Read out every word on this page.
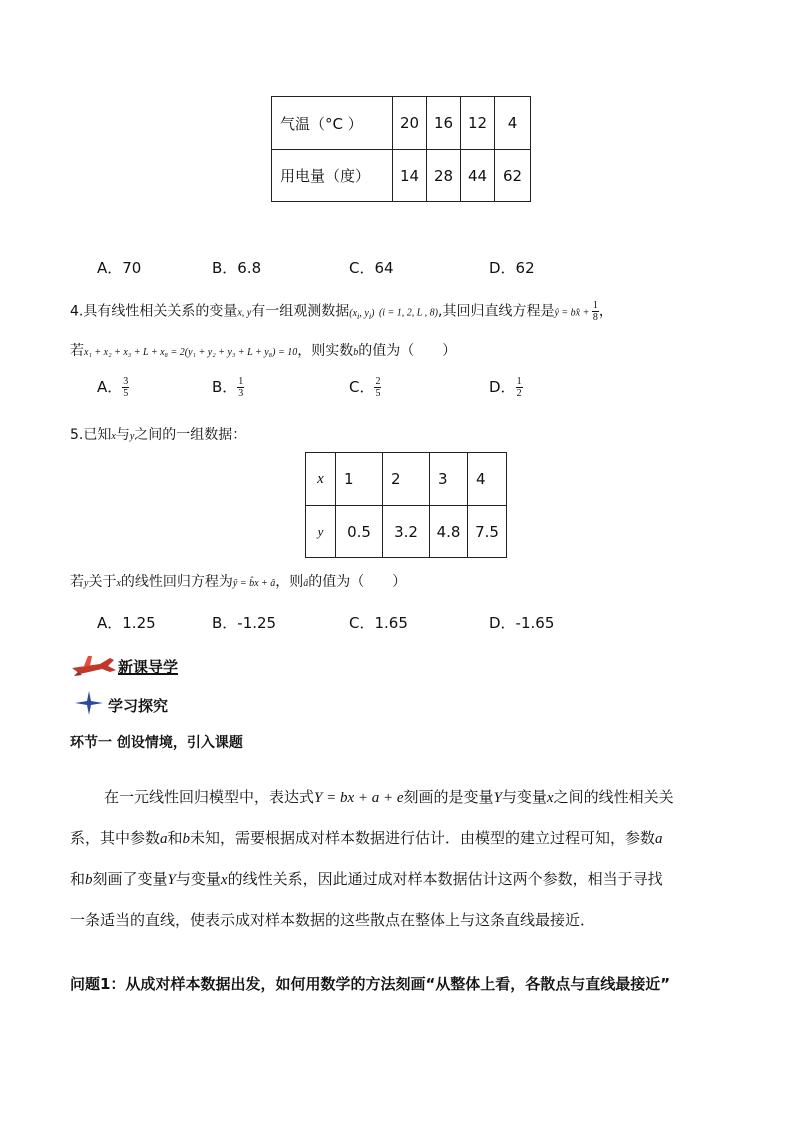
气温（°C ）	20	16	12	4
用电量（度）	14	28	44	62
A．70	B．6.8	C．64	D．62
4.具有线性相关关系的变量x, y有一组观测数据($x_i$, $y_i$) (i = 1, 2, L , 8),其回归直线方程是ŷ = bx̂ + $\frac{1}{8}$ ，
若x₁ + x₂ + x₃ + L + x₈ = 2(y₁ + y₂ + y₃ + L + y₈) = 10，则实数b的值为（　　）
A． $\frac{3}{5}$	B． $\frac{1}{3}$	C． $\frac{2}{5}$	D． $\frac{1}{2}$
5.已知x与y之间的一组数据：
x	1	2	3	4
y	0.5	3.2	4.8	7.5
若y关于x的线性回归方程为ŷ = b̂x + â，则â的值为（　　）
A．1.25	B．-1.25	C．1.65	D．-1.65
新课导学
学习探究
环节一 创设情境，引入课题
在一元线性回归模型中，表达式Y = bx + a + e刻画的是变量Y与变量x之间的线性相关关
系，其中参数a和b未知，需要根据成对样本数据进行估计．由模型的建立过程可知，参数a
和b刻画了变量Y与变量x的线性关系，因此通过成对样本数据估计这两个参数，相当于寻找
一条适当的直线，使表示成对样本数据的这些散点在整体上与这条直线最接近．
问题1：从成对样本数据出发，如何用数学的方法刻画“从整体上看，各散点与直线最接近”
